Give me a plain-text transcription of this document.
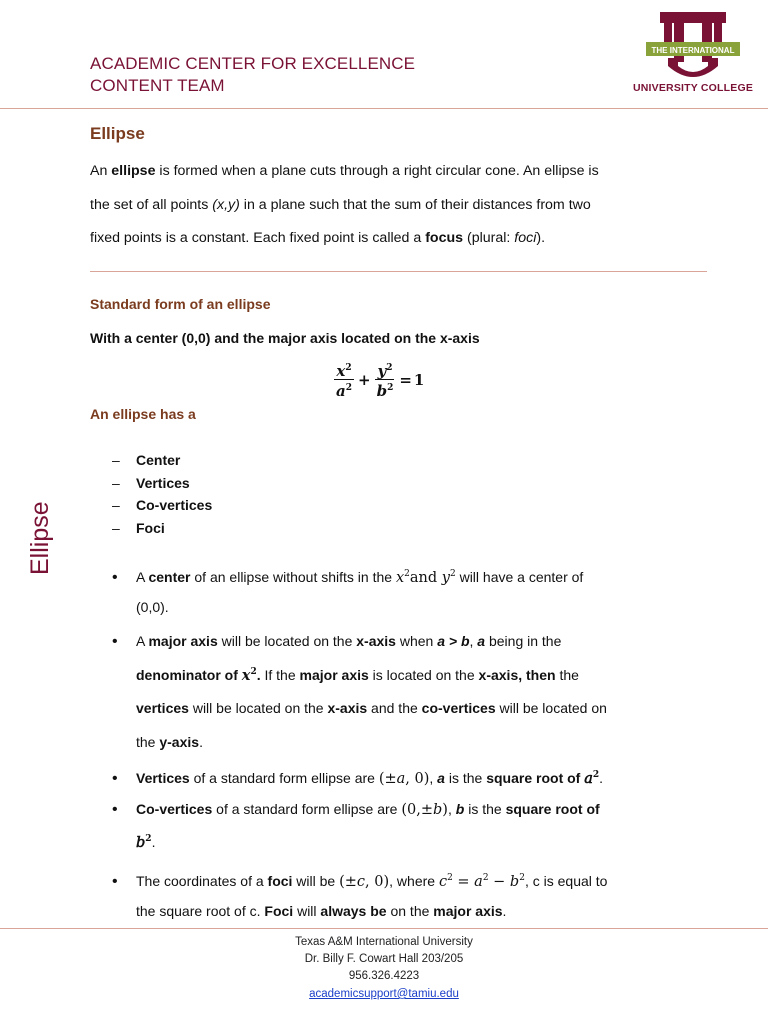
ACADEMIC CENTER FOR EXCELLENCE
CONTENT TEAM
THE INTERNATIONAL
UNIVERSITY COLLEGE
Ellipse
Ellipse
An ellipse is formed when a plane cuts through a right circular cone. An ellipse is
the set of all points (x,y) in a plane such that the sum of their distances from two
fixed points is a constant. Each fixed point is called a focus (plural: foci).
Standard form of an ellipse
With a center (0,0) and the major axis located on the x-axis
$\frac{x^2}{a^2} + \frac{y^2}{b^2} = 1$
An ellipse has a
– Center
– Vertices
– Co-vertices
– Foci
• A center of an ellipse without shifts in the $x^2and$ $y^2$ will have a center of
(0,0).
• A major axis will be located on the x-axis when a > b, a being in the
denominator of $x^2$. If the major axis is located on the x-axis, then the
vertices will be located on the x-axis and the co-vertices will be located on
the y-axis.
• Vertices of a standard form ellipse are (±𝑎, 0), a is the square root of 𝑎$^2$.
• Co-vertices of a standard form ellipse are (0,±𝑏), b is the square root of
𝑏$^2$.
• The coordinates of a foci will be (±𝑐, 0), where 𝑐$^2$ = 𝑎$^2$ − 𝑏$^2$, c is equal to
the square root of c. Foci will always be on the major axis.
Texas A&M International University
Dr. Billy F. Cowart Hall 203/205
956.326.4223
academicsupport@tamiu.edu
